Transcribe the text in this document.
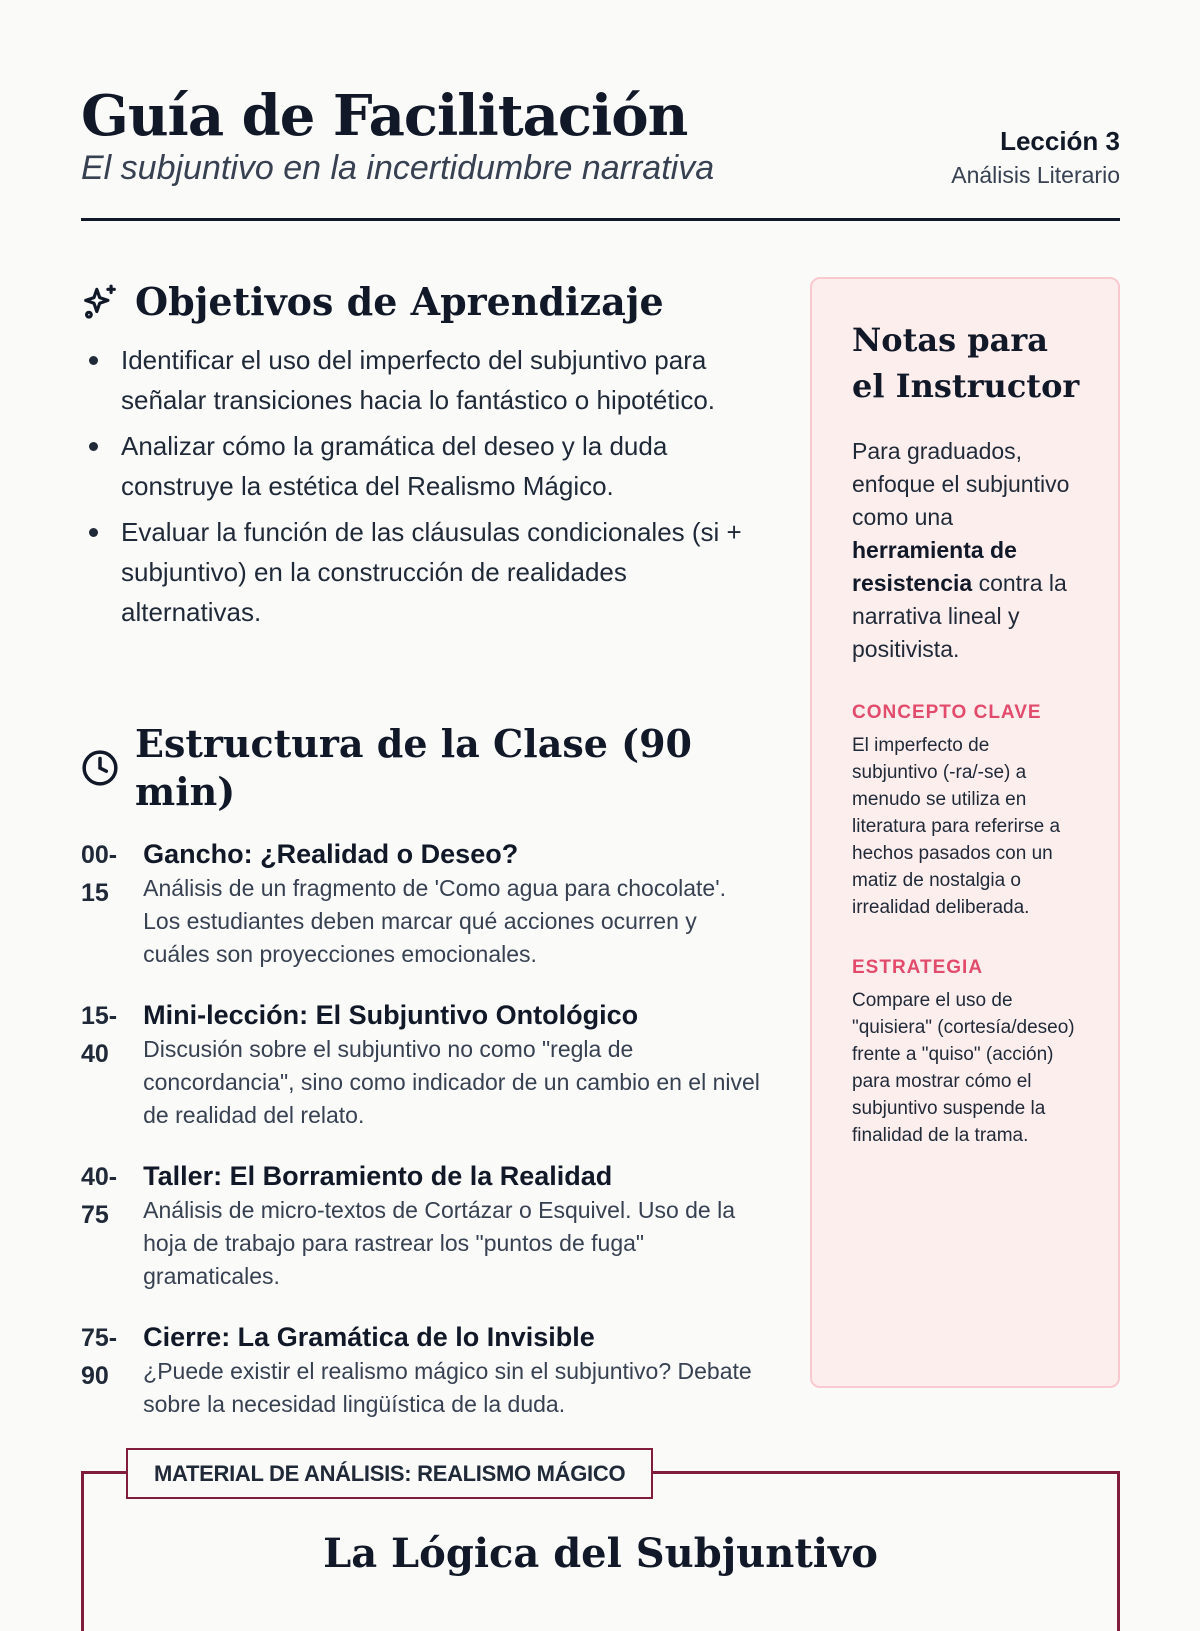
Guía de Facilitación
El subjuntivo en la incertidumbre narrativa
Lección 3
Análisis Literario
Objetivos de Aprendizaje
Identificar el uso del imperfecto del subjuntivo para señalar transiciones hacia lo fantástico o hipotético.
Analizar cómo la gramática del deseo y la duda construye la estética del Realismo Mágico.
Evaluar la función de las cláusulas condicionales (si + subjuntivo) en la construcción de realidades alternativas.
Estructura de la Clase (90 min)
00-
15
Gancho: ¿Realidad o Deseo?
Análisis de un fragmento de 'Como agua para chocolate'. Los estudiantes deben marcar qué acciones ocurren y cuáles son proyecciones emocionales.
15-
40
Mini-lección: El Subjuntivo Ontológico
Discusión sobre el subjuntivo no como "regla de concordancia", sino como indicador de un cambio en el nivel de realidad del relato.
40-
75
Taller: El Borramiento de la Realidad
Análisis de micro-textos de Cortázar o Esquivel. Uso de la hoja de trabajo para rastrear los "puntos de fuga" gramaticales.
75-
90
Cierre: La Gramática de lo Invisible
¿Puede existir el realismo mágico sin el subjuntivo? Debate sobre la necesidad lingüística de la duda.
Notas para el Instructor
Para graduados, enfoque el subjuntivo como una herramienta de resistencia contra la narrativa lineal y positivista.
CONCEPTO CLAVE
El imperfecto de subjuntivo (-ra/-se) a menudo se utiliza en literatura para referirse a hechos pasados con un matiz de nostalgia o irrealidad deliberada.
ESTRATEGIA
Compare el uso de "quisiera" (cortesía/deseo) frente a "quiso" (acción) para mostrar cómo el subjuntivo suspende la finalidad de la trama.
MATERIAL DE ANÁLISIS: REALISMO MÁGICO
La Lógica del Subjuntivo
